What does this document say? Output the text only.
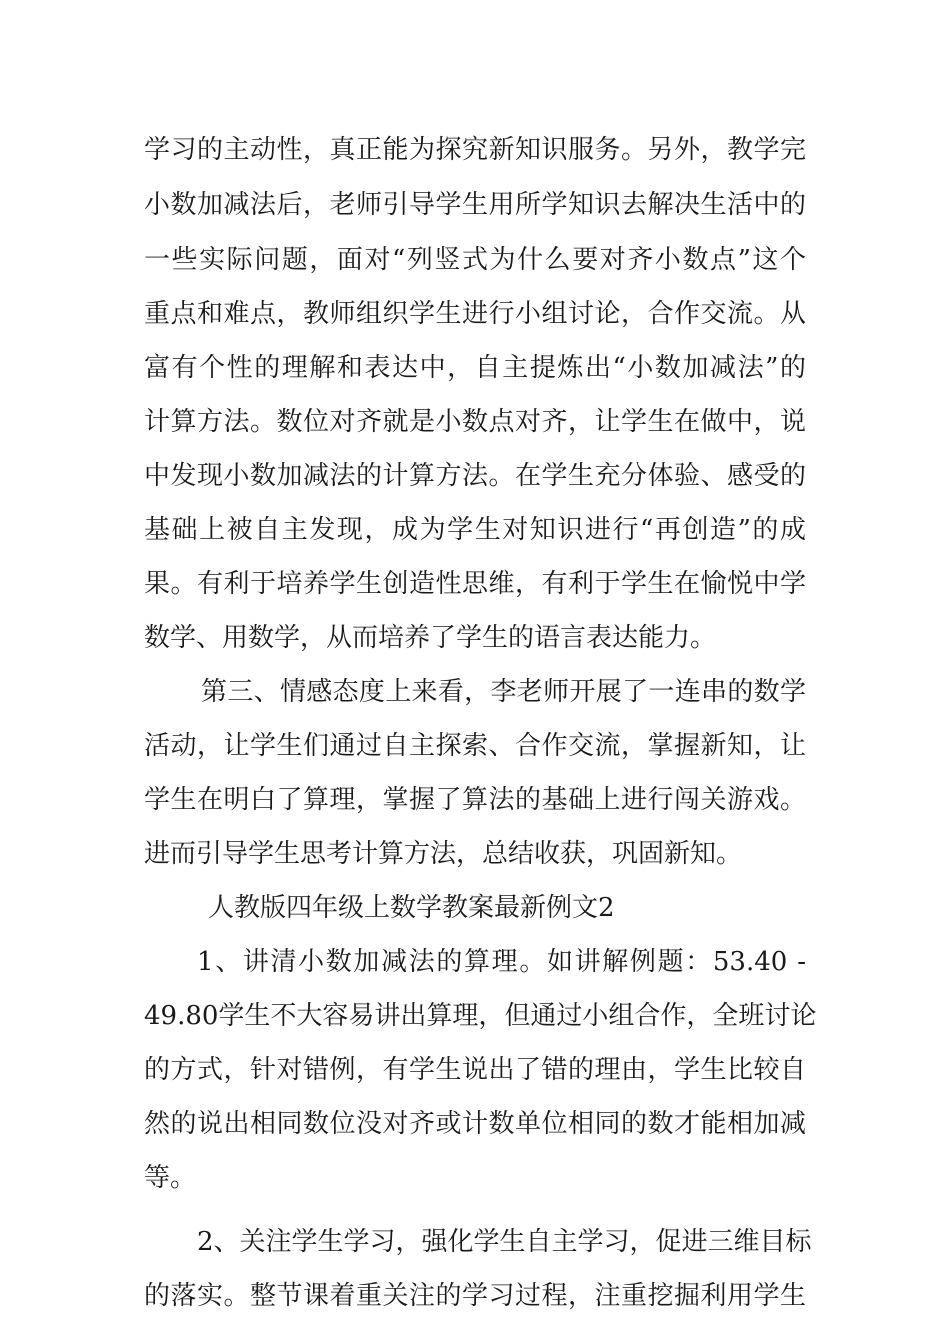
学习的主动性，真正能为探究新知识服务。另外，教学完
小数加减法后，老师引导学生用所学知识去解决生活中的
一些实际问题，面对“列竖式为什么要对齐小数点”这个
重点和难点，教师组织学生进行小组讨论，合作交流。从
富有个性的理解和表达中，自主提炼出“小数加减法”的
计算方法。数位对齐就是小数点对齐，让学生在做中，说
中发现小数加减法的计算方法。在学生充分体验、感受的
基础上被自主发现，成为学生对知识进行“再创造”的成
果。有利于培养学生创造性思维，有利于学生在愉悦中学
数学、用数学，从而培养了学生的语言表达能力。
第三、情感态度上来看，李老师开展了一连串的数学
活动，让学生们通过自主探索、合作交流，掌握新知，让
学生在明白了算理，掌握了算法的基础上进行闯关游戏。
进而引导学生思考计算方法，总结收获，巩固新知。
人教版四年级上数学教案最新例文2
1、讲清小数加减法的算理。如讲解例题：53.40 -
49.80学生不大容易讲出算理，但通过小组合作，全班讨论
的方式，针对错例，有学生说出了错的理由，学生比较自
然的说出相同数位没对齐或计数单位相同的数才能相加减
等。
2、关注学生学习，强化学生自主学习，促进三维目标
的落实。整节课着重关注的学习过程，注重挖掘利用学生
